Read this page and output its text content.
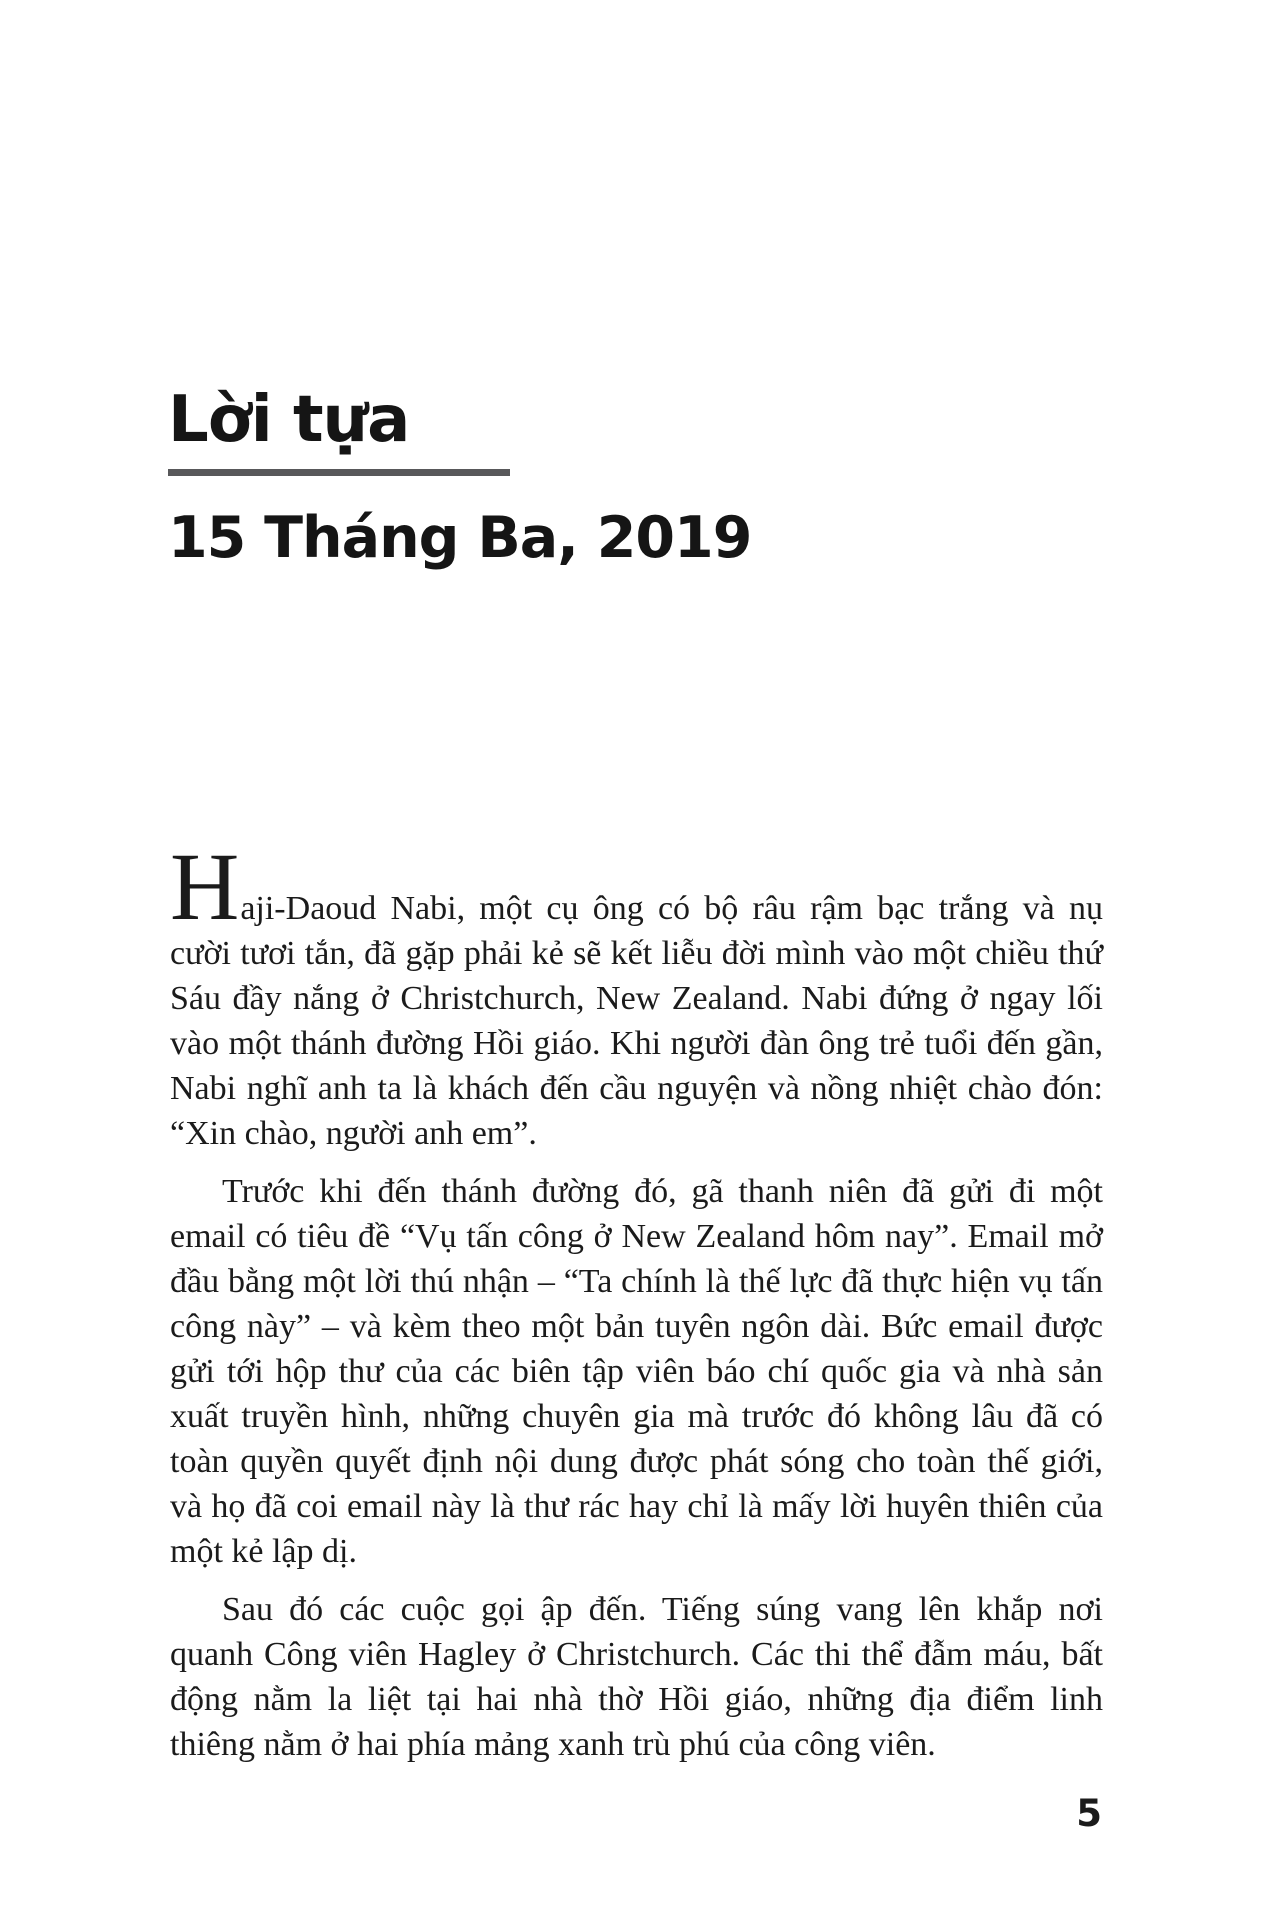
Lời tựa
15 Tháng Ba, 2019

Haji-Daoud Nabi, một cụ ông có bộ râu rậm bạc trắng và nụ cười tươi tắn, đã gặp phải kẻ sẽ kết liễu đời mình vào một chiều thứ Sáu đầy nắng ở Christchurch, New Zealand. Nabi đứng ở ngay lối vào một thánh đường Hồi giáo. Khi người đàn ông trẻ tuổi đến gần, Nabi nghĩ anh ta là khách đến cầu nguyện và nồng nhiệt chào đón: “Xin chào, người anh em”.

Trước khi đến thánh đường đó, gã thanh niên đã gửi đi một email có tiêu đề “Vụ tấn công ở New Zealand hôm nay”. Email mở đầu bằng một lời thú nhận – “Ta chính là thế lực đã thực hiện vụ tấn công này” – và kèm theo một bản tuyên ngôn dài. Bức email được gửi tới hộp thư của các biên tập viên báo chí quốc gia và nhà sản xuất truyền hình, những chuyên gia mà trước đó không lâu đã có toàn quyền quyết định nội dung được phát sóng cho toàn thế giới, và họ đã coi email này là thư rác hay chỉ là mấy lời huyên thiên của một kẻ lập dị.

Sau đó các cuộc gọi ập đến. Tiếng súng vang lên khắp nơi quanh Công viên Hagley ở Christchurch. Các thi thể đẫm máu, bất động nằm la liệt tại hai nhà thờ Hồi giáo, những địa điểm linh thiêng nằm ở hai phía mảng xanh trù phú của công viên.

5
